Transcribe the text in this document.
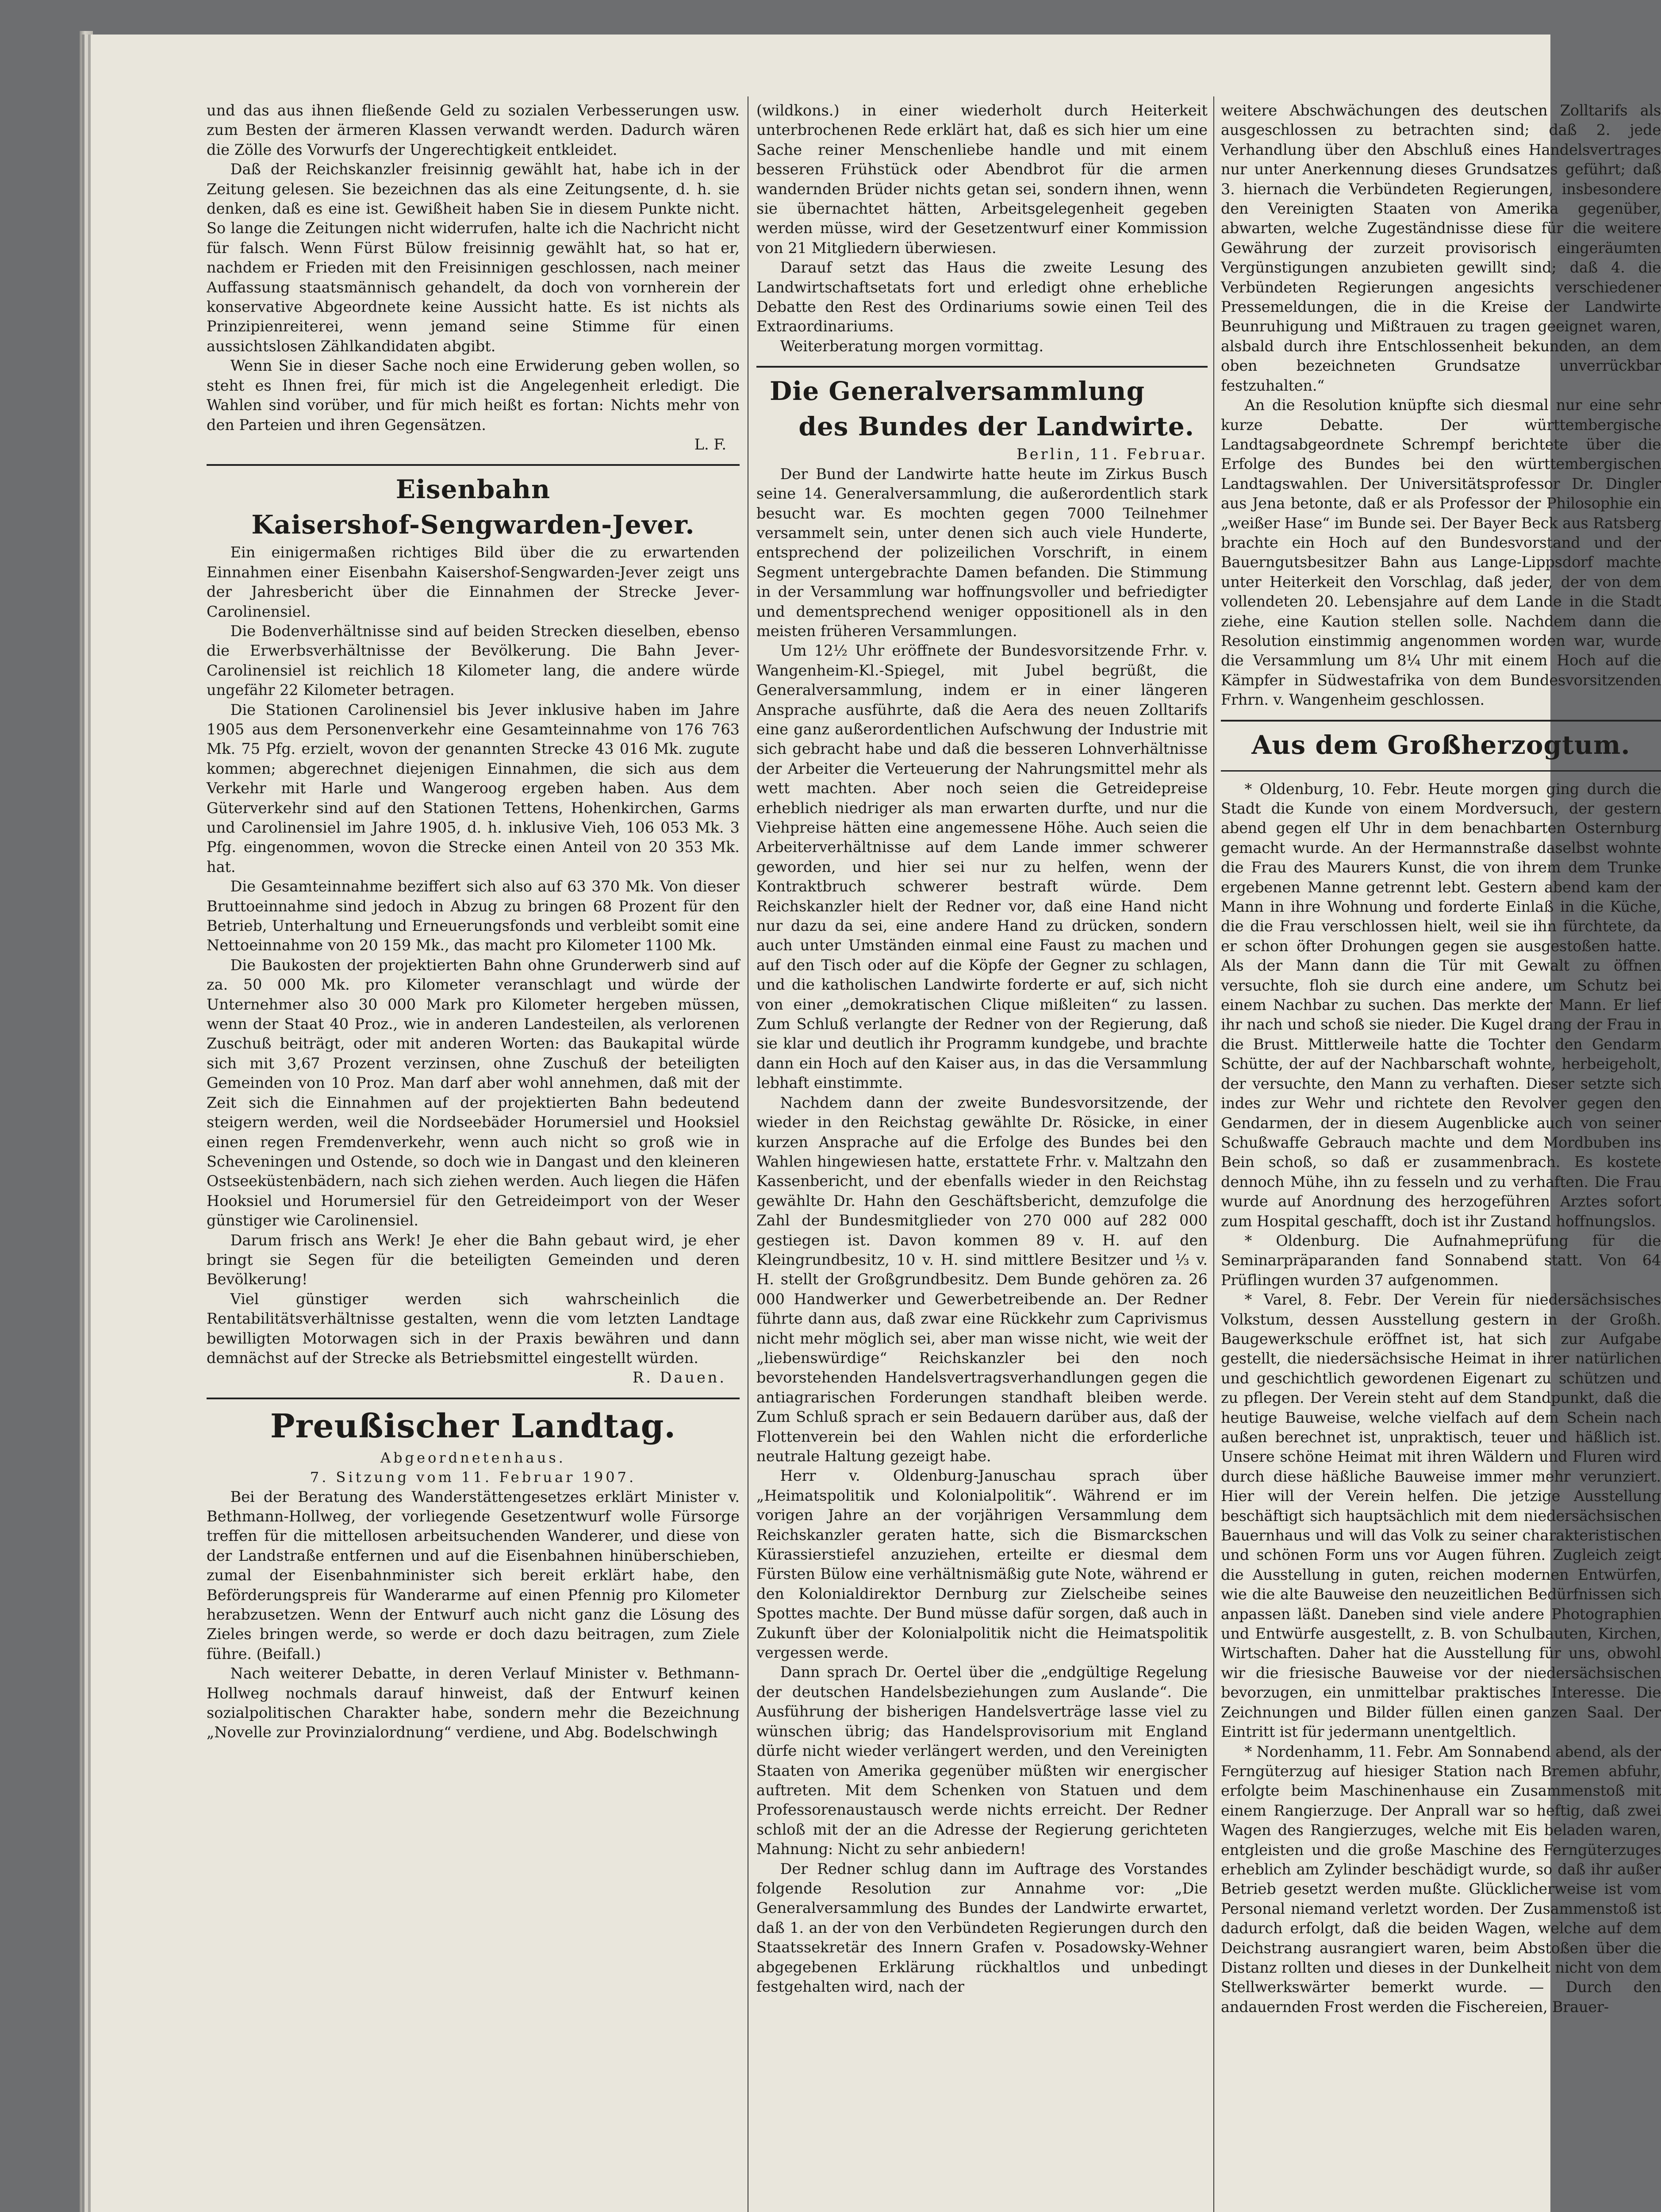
und das aus ihnen fließende Geld zu sozialen Verbesserungen usw. zum Besten der ärmeren Klassen verwandt werden. Dadurch wären die Zölle des Vorwurfs der Ungerechtigkeit entkleidet.

Daß der Reichskanzler freisinnig gewählt hat, habe ich in der Zeitung gelesen. Sie bezeichnen das als eine Zeitungsente, d. h. sie denken, daß es eine ist. Gewißheit haben Sie in diesem Punkte nicht. So lange die Zeitungen nicht widerrufen, halte ich die Nachricht nicht für falsch. Wenn Fürst Bülow freisinnig gewählt hat, so hat er, nachdem er Frieden mit den Freisinnigen geschlossen, nach meiner Auffassung staatsmännisch gehandelt, da doch von vornherein der konservative Abgeordnete keine Aussicht hatte. Es ist nichts als Prinzipienreiterei, wenn jemand seine Stimme für einen aussichtslosen Zählkandidaten abgibt.

Wenn Sie in dieser Sache noch eine Erwiderung geben wollen, so steht es Ihnen frei, für mich ist die Angelegenheit erledigt. Die Wahlen sind vorüber, und für mich heißt es fortan: Nichts mehr von den Parteien und ihren Gegensätzen.

L. F.

Eisenbahn
Kaisershof-Sengwarden-Jever.

Ein einigermaßen richtiges Bild über die zu erwartenden Einnahmen einer Eisenbahn Kaisershof-Sengwarden-Jever zeigt uns der Jahresbericht über die Einnahmen der Strecke Jever-Carolinensiel.

Die Bodenverhältnisse sind auf beiden Strecken dieselben, ebenso die Erwerbsverhältnisse der Bevölkerung. Die Bahn Jever-Carolinensiel ist reichlich 18 Kilometer lang, die andere würde ungefähr 22 Kilometer betragen.

Die Stationen Carolinensiel bis Jever inklusive haben im Jahre 1905 aus dem Personenverkehr eine Gesamteinnahme von 176 763 Mk. 75 Pfg. erzielt, wovon der genannten Strecke 43 016 Mk. zugute kommen; abgerechnet diejenigen Einnahmen, die sich aus dem Verkehr mit Harle und Wangeroog ergeben haben. Aus dem Güterverkehr sind auf den Stationen Tettens, Hohenkirchen, Garms und Carolinensiel im Jahre 1905, d. h. inklusive Vieh, 106 053 Mk. 3 Pfg. eingenommen, wovon die Strecke einen Anteil von 20 353 Mk. hat.

Die Gesamteinnahme beziffert sich also auf 63 370 Mk. Von dieser Bruttoeinnahme sind jedoch in Abzug zu bringen 68 Prozent für den Betrieb, Unterhaltung und Erneuerungsfonds und verbleibt somit eine Nettoeinnahme von 20 159 Mk., das macht pro Kilometer 1100 Mk.

Die Baukosten der projektierten Bahn ohne Grunderwerb sind auf za. 50 000 Mk. pro Kilometer veranschlagt und würde der Unternehmer also 30 000 Mark pro Kilometer hergeben müssen, wenn der Staat 40 Proz., wie in anderen Landesteilen, als verlorenen Zuschuß beiträgt, oder mit anderen Worten: das Baukapital würde sich mit 3,67 Prozent verzinsen, ohne Zuschuß der beteiligten Gemeinden von 10 Proz. Man darf aber wohl annehmen, daß mit der Zeit sich die Einnahmen auf der projektierten Bahn bedeutend steigern werden, weil die Nordseebäder Horumersiel und Hooksiel einen regen Fremdenverkehr, wenn auch nicht so groß wie in Scheveningen und Ostende, so doch wie in Dangast und den kleineren Ostseeküstenbädern, nach sich ziehen werden. Auch liegen die Häfen Hooksiel und Horumersiel für den Getreideimport von der Weser günstiger wie Carolinensiel.

Darum frisch ans Werk! Je eher die Bahn gebaut wird, je eher bringt sie Segen für die beteiligten Gemeinden und deren Bevölkerung!

Viel günstiger werden sich wahrscheinlich die Rentabilitätsverhältnisse gestalten, wenn die vom letzten Landtage bewilligten Motorwagen sich in der Praxis bewähren und dann demnächst auf der Strecke als Betriebsmittel eingestellt würden.

R. Dauen.

Preußischer Landtag.

Abgeordnetenhaus.

7. Sitzung vom 11. Februar 1907.

Bei der Beratung des Wanderstättengesetzes erklärt Minister v. Bethmann-Hollweg, der vorliegende Gesetzentwurf wolle Fürsorge treffen für die mittellosen arbeitsuchenden Wanderer, und diese von der Landstraße entfernen und auf die Eisenbahnen hinüberschieben, zumal der Eisenbahnminister sich bereit erklärt habe, den Beförderungspreis für Wanderarme auf einen Pfennig pro Kilometer herabzusetzen. Wenn der Entwurf auch nicht ganz die Lösung des Zieles bringen werde, so werde er doch dazu beitragen, zum Ziele führe. (Beifall.)

Nach weiterer Debatte, in deren Verlauf Minister v. Bethmann-Hollweg nochmals darauf hinweist, daß der Entwurf keinen sozialpolitischen Charakter habe, sondern mehr die Bezeichnung „Novelle zur Provinzialordnung“ verdiene, und Abg. Bodelschwingh

(wildkons.) in einer wiederholt durch Heiterkeit unterbrochenen Rede erklärt hat, daß es sich hier um eine Sache reiner Menschenliebe handle und mit einem besseren Frühstück oder Abendbrot für die armen wandernden Brüder nichts getan sei, sondern ihnen, wenn sie übernachtet hätten, Arbeitsgelegenheit gegeben werden müsse, wird der Gesetzentwurf einer Kommission von 21 Mitgliedern überwiesen.

Darauf setzt das Haus die zweite Lesung des Landwirtschaftsetats fort und erledigt ohne erhebliche Debatte den Rest des Ordinariums sowie einen Teil des Extraordinariums.

Weiterberatung morgen vormittag.

Die Generalversammlung
des Bundes der Landwirte.

Berlin, 11. Februar.

Der Bund der Landwirte hatte heute im Zirkus Busch seine 14. Generalversammlung, die außerordentlich stark besucht war. Es mochten gegen 7000 Teilnehmer versammelt sein, unter denen sich auch viele Hunderte, entsprechend der polizeilichen Vorschrift, in einem Segment untergebrachte Damen befanden. Die Stimmung in der Versammlung war hoffnungsvoller und befriedigter und dementsprechend weniger oppositionell als in den meisten früheren Versammlungen.

Um 12½ Uhr eröffnete der Bundesvorsitzende Frhr. v. Wangenheim-Kl.-Spiegel, mit Jubel begrüßt, die Generalversammlung, indem er in einer längeren Ansprache ausführte, daß die Aera des neuen Zolltarifs eine ganz außerordentlichen Aufschwung der Industrie mit sich gebracht habe und daß die besseren Lohnverhältnisse der Arbeiter die Verteuerung der Nahrungsmittel mehr als wett machten. Aber noch seien die Getreidepreise erheblich niedriger als man erwarten durfte, und nur die Viehpreise hätten eine angemessene Höhe. Auch seien die Arbeiterverhältnisse auf dem Lande immer schwerer geworden, und hier sei nur zu helfen, wenn der Kontraktbruch schwerer bestraft würde. Dem Reichskanzler hielt der Redner vor, daß eine Hand nicht nur dazu da sei, eine andere Hand zu drücken, sondern auch unter Umständen einmal eine Faust zu machen und auf den Tisch oder auf die Köpfe der Gegner zu schlagen, und die katholischen Landwirte forderte er auf, sich nicht von einer „demokratischen Clique mißleiten“ zu lassen. Zum Schluß verlangte der Redner von der Regierung, daß sie klar und deutlich ihr Programm kundgebe, und brachte dann ein Hoch auf den Kaiser aus, in das die Versammlung lebhaft einstimmte.

Nachdem dann der zweite Bundesvorsitzende, der wieder in den Reichstag gewählte Dr. Rösicke, in einer kurzen Ansprache auf die Erfolge des Bundes bei den Wahlen hingewiesen hatte, erstattete Frhr. v. Maltzahn den Kassenbericht, und der ebenfalls wieder in den Reichstag gewählte Dr. Hahn den Geschäftsbericht, demzufolge die Zahl der Bundesmitglieder von 270 000 auf 282 000 gestiegen ist. Davon kommen 89 v. H. auf den Kleingrundbesitz, 10 v. H. sind mittlere Besitzer und ⅓ v. H. stellt der Großgrundbesitz. Dem Bunde gehören za. 26 000 Handwerker und Gewerbetreibende an. Der Redner führte dann aus, daß zwar eine Rückkehr zum Caprivismus nicht mehr möglich sei, aber man wisse nicht, wie weit der „liebenswürdige“ Reichskanzler bei den noch bevorstehenden Handelsvertragsverhandlungen gegen die antiagrarischen Forderungen standhaft bleiben werde. Zum Schluß sprach er sein Bedauern darüber aus, daß der Flottenverein bei den Wahlen nicht die erforderliche neutrale Haltung gezeigt habe.

Herr v. Oldenburg-Januschau sprach über „Heimatspolitik und Kolonialpolitik“. Während er im vorigen Jahre an der vorjährigen Versammlung dem Reichskanzler geraten hatte, sich die Bismarckschen Kürassierstiefel anzuziehen, erteilte er diesmal dem Fürsten Bülow eine verhältnismäßig gute Note, während er den Kolonialdirektor Dernburg zur Zielscheibe seines Spottes machte. Der Bund müsse dafür sorgen, daß auch in Zukunft über der Kolonialpolitik nicht die Heimatspolitik vergessen werde.

Dann sprach Dr. Oertel über die „endgültige Regelung der deutschen Handelsbeziehungen zum Auslande“. Die Ausführung der bisherigen Handelsverträge lasse viel zu wünschen übrig; das Handelsprovisorium mit England dürfe nicht wieder verlängert werden, und den Vereinigten Staaten von Amerika gegenüber müßten wir energischer auftreten. Mit dem Schenken von Statuen und dem Professorenaustausch werde nichts erreicht. Der Redner schloß mit der an die Adresse der Regierung gerichteten Mahnung: Nicht zu sehr anbiedern!

Der Redner schlug dann im Auftrage des Vorstandes folgende Resolution zur Annahme vor: „Die Generalversammlung des Bundes der Landwirte erwartet, daß 1. an der von den Verbündeten Regierungen durch den Staatssekretär des Innern Grafen v. Posadowsky-Wehner abgegebenen Erklärung rückhaltlos und unbedingt festgehalten wird, nach der

weitere Abschwächungen des deutschen Zolltarifs als ausgeschlossen zu betrachten sind; daß 2. jede Verhandlung über den Abschluß eines Handelsvertrages nur unter Anerkennung dieses Grundsatzes geführt; daß 3. hiernach die Verbündeten Regierungen, insbesondere den Vereinigten Staaten von Amerika gegenüber, abwarten, welche Zugeständnisse diese für die weitere Gewährung der zurzeit provisorisch eingeräumten Vergünstigungen anzubieten gewillt sind; daß 4. die Verbündeten Regierungen angesichts verschiedener Pressemeldungen, die in die Kreise der Landwirte Beunruhigung und Mißtrauen zu tragen geeignet waren, alsbald durch ihre Entschlossenheit bekunden, an dem oben bezeichneten Grundsatze unverrückbar festzuhalten.“

An die Resolution knüpfte sich diesmal nur eine sehr kurze Debatte. Der württembergische Landtagsabgeordnete Schrempf berichtete über die Erfolge des Bundes bei den württembergischen Landtagswahlen. Der Universitätsprofessor Dr. Dingler aus Jena betonte, daß er als Professor der Philosophie ein „weißer Hase“ im Bunde sei. Der Bayer Beck aus Ratsberg brachte ein Hoch auf den Bundesvorstand und der Bauerngutsbesitzer Bahn aus Lange-Lippsdorf machte unter Heiterkeit den Vorschlag, daß jeder, der von dem vollendeten 20. Lebensjahre auf dem Lande in die Stadt ziehe, eine Kaution stellen solle. Nachdem dann die Resolution einstimmig angenommen worden war, wurde die Versammlung um 8¼ Uhr mit einem Hoch auf die Kämpfer in Südwestafrika von dem Bundesvorsitzenden Frhrn. v. Wangenheim geschlossen.

Aus dem Großherzogtum.

* Oldenburg, 10. Febr. Heute morgen ging durch die Stadt die Kunde von einem Mordversuch, der gestern abend gegen elf Uhr in dem benachbarten Osternburg gemacht wurde. An der Hermannstraße daselbst wohnte die Frau des Maurers Kunst, die von ihrem dem Trunke ergebenen Manne getrennt lebt. Gestern abend kam der Mann in ihre Wohnung und forderte Einlaß in die Küche, die die Frau verschlossen hielt, weil sie ihn fürchtete, da er schon öfter Drohungen gegen sie ausgestoßen hatte. Als der Mann dann die Tür mit Gewalt zu öffnen versuchte, floh sie durch eine andere, um Schutz bei einem Nachbar zu suchen. Das merkte der Mann. Er lief ihr nach und schoß sie nieder. Die Kugel drang der Frau in die Brust. Mittlerweile hatte die Tochter den Gendarm Schütte, der auf der Nachbarschaft wohnte, herbeigeholt, der versuchte, den Mann zu verhaften. Dieser setzte sich indes zur Wehr und richtete den Revolver gegen den Gendarmen, der in diesem Augenblicke auch von seiner Schußwaffe Gebrauch machte und dem Mordbuben ins Bein schoß, so daß er zusammenbrach. Es kostete dennoch Mühe, ihn zu fesseln und zu verhaften. Die Frau wurde auf Anordnung des herzogeführen Arztes sofort zum Hospital geschafft, doch ist ihr Zustand hoffnungslos.

* Oldenburg. Die Aufnahmeprüfung für die Seminarpräparanden fand Sonnabend statt. Von 64 Prüflingen wurden 37 aufgenommen.

* Varel, 8. Febr. Der Verein für niedersächsisches Volkstum, dessen Ausstellung gestern in der Großh. Baugewerkschule eröffnet ist, hat sich zur Aufgabe gestellt, die niedersächsische Heimat in ihrer natürlichen und geschichtlich gewordenen Eigenart zu schützen und zu pflegen. Der Verein steht auf dem Standpunkt, daß die heutige Bauweise, welche vielfach auf dem Schein nach außen berechnet ist, unpraktisch, teuer und häßlich ist. Unsere schöne Heimat mit ihren Wäldern und Fluren wird durch diese häßliche Bauweise immer mehr verunziert. Hier will der Verein helfen. Die jetzige Ausstellung beschäftigt sich hauptsächlich mit dem niedersächsischen Bauernhaus und will das Volk zu seiner charakteristischen und schönen Form uns vor Augen führen. Zugleich zeigt die Ausstellung in guten, reichen modernen Entwürfen, wie die alte Bauweise den neuzeitlichen Bedürfnissen sich anpassen läßt. Daneben sind viele andere Photographien und Entwürfe ausgestellt, z. B. von Schulbauten, Kirchen, Wirtschaften. Daher hat die Ausstellung für uns, obwohl wir die friesische Bauweise vor der niedersächsischen bevorzugen, ein unmittelbar praktisches Interesse. Die Zeichnungen und Bilder füllen einen ganzen Saal. Der Eintritt ist für jedermann unentgeltlich.

* Nordenhamm, 11. Febr. Am Sonnabend abend, als der Ferngüterzug auf hiesiger Station nach Bremen abfuhr, erfolgte beim Maschinenhause ein Zusammenstoß mit einem Rangierzuge. Der Anprall war so heftig, daß zwei Wagen des Rangierzuges, welche mit Eis beladen waren, entgleisten und die große Maschine des Ferngüterzuges erheblich am Zylinder beschädigt wurde, so daß ihr außer Betrieb gesetzt werden mußte. Glücklicherweise ist vom Personal niemand verletzt worden. Der Zusammenstoß ist dadurch erfolgt, daß die beiden Wagen, welche auf dem Deichstrang ausrangiert waren, beim Abstoßen über die Distanz rollten und dieses in der Dunkelheit nicht von dem Stellwerkswärter bemerkt wurde. — Durch den andauernden Frost werden die Fischereien, Brauer-
